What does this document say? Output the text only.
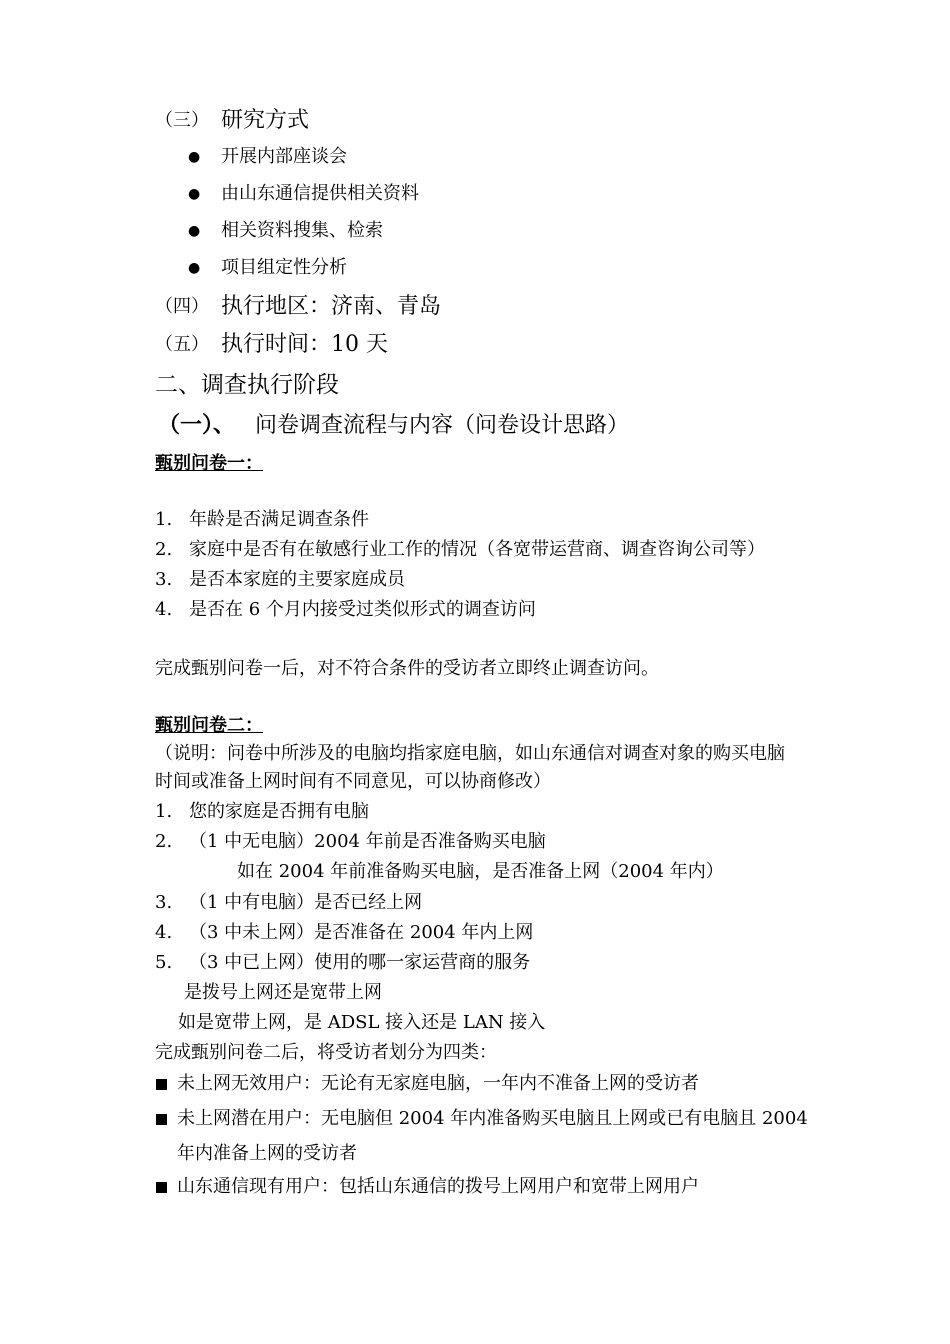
（三） 研究方式
● 开展内部座谈会
● 由山东通信提供相关资料
● 相关资料搜集、检索
● 项目组定性分析
（四） 执行地区：济南、青岛
（五） 执行时间：10 天
二、调查执行阶段
（一）、 问卷调查流程与内容（问卷设计思路）
甄别问卷一：
1. 年龄是否满足调查条件
2. 家庭中是否有在敏感行业工作的情况（各宽带运营商、调查咨询公司等）
3. 是否本家庭的主要家庭成员
4. 是否在 6 个月内接受过类似形式的调查访问
完成甄别问卷一后，对不符合条件的受访者立即终止调查访问。
甄别问卷二：
（说明：问卷中所涉及的电脑均指家庭电脑，如山东通信对调查对象的购买电脑
时间或准备上网时间有不同意见，可以协商修改）
1. 您的家庭是否拥有电脑
2. （1 中无电脑）2004 年前是否准备购买电脑
如在 2004 年前准备购买电脑，是否准备上网（2004 年内）
3. （1 中有电脑）是否已经上网
4. （3 中未上网）是否准备在 2004 年内上网
5. （3 中已上网）使用的哪一家运营商的服务
是拨号上网还是宽带上网
如是宽带上网，是 ADSL 接入还是 LAN 接入
完成甄别问卷二后，将受访者划分为四类：
未上网无效用户：无论有无家庭电脑，一年内不准备上网的受访者
未上网潜在用户：无电脑但 2004 年内准备购买电脑且上网或已有电脑且 2004
年内准备上网的受访者
山东通信现有用户：包括山东通信的拨号上网用户和宽带上网用户
